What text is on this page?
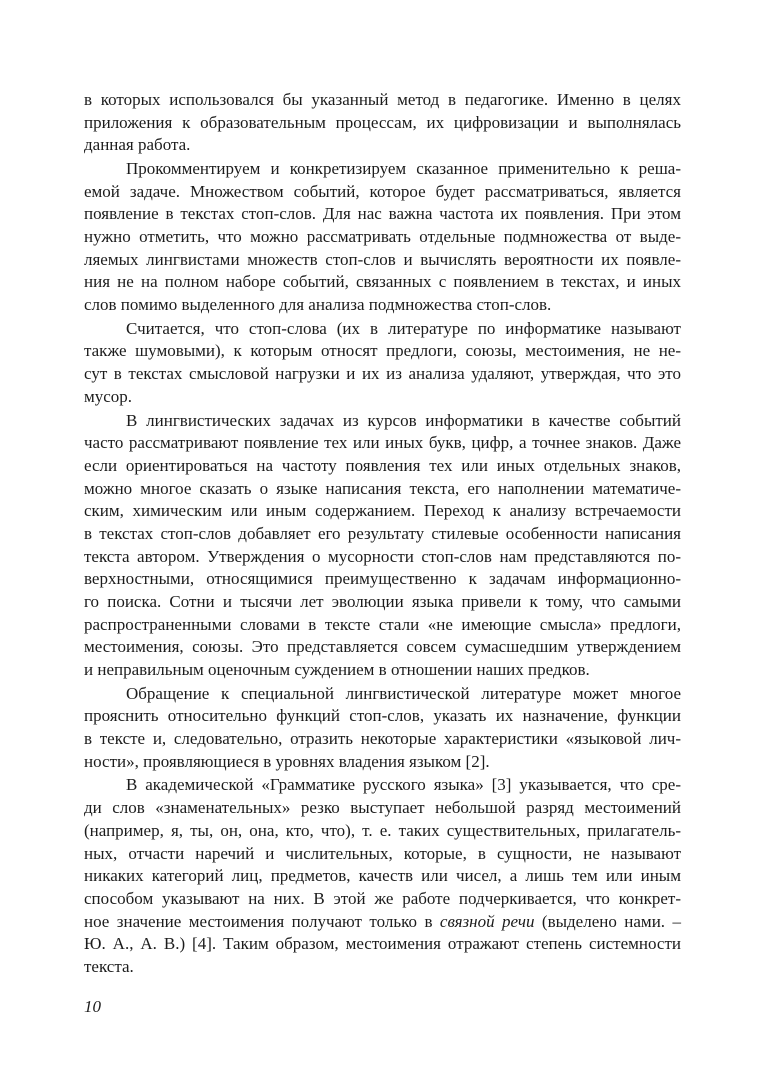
в которых использовался бы указанный метод в педагогике. Именно в целях
приложения к образовательным процессам, их цифровизации и выполнялась
данная работа.
Прокомментируем и конкретизируем сказанное применительно к реша-
емой задаче. Множеством событий, которое будет рассматриваться, является
появление в текстах стоп-слов. Для нас важна частота их появления. При этом
нужно отметить, что можно рассматривать отдельные подмножества от выде-
ляемых лингвистами множеств стоп-слов и вычислять вероятности их появле-
ния не на полном наборе событий, связанных с появлением в текстах, и иных
слов помимо выделенного для анализа подмножества стоп-слов.
Считается, что стоп-слова (их в литературе по информатике называют
также шумовыми), к которым относят предлоги, союзы, местоимения, не не-
сут в текстах смысловой нагрузки и их из анализа удаляют, утверждая, что это
мусор.
В лингвистических задачах из курсов информатики в качестве событий
часто рассматривают появление тех или иных букв, цифр, а точнее знаков. Даже
если ориентироваться на частоту появления тех или иных отдельных знаков,
можно многое сказать о языке написания текста, его наполнении математиче-
ским, химическим или иным содержанием. Переход к анализу встречаемости
в текстах стоп-слов добавляет его результату стилевые особенности написания
текста автором. Утверждения о мусорности стоп-слов нам представляются по-
верхностными, относящимися преимущественно к задачам информационно-
го поиска. Сотни и тысячи лет эволюции языка привели к тому, что самыми
распространенными словами в тексте стали «не имеющие смысла» предлоги,
местоимения, союзы. Это представляется совсем сумасшедшим утверждением
и неправильным оценочным суждением в отношении наших предков.
Обращение к специальной лингвистической литературе может многое
прояснить относительно функций стоп-слов, указать их назначение, функции
в тексте и, следовательно, отразить некоторые характеристики «языковой лич-
ности», проявляющиеся в уровнях владения языком [2].
В академической «Грамматике русского языка» [3] указывается, что сре-
ди слов «знаменательных» резко выступает небольшой разряд местоимений
(например, я, ты, он, она, кто, что), т. е. таких существительных, прилагатель-
ных, отчасти наречий и числительных, которые, в сущности, не называют
никаких категорий лиц, предметов, качеств или чисел, а лишь тем или иным
способом указывают на них. В этой же работе подчеркивается, что конкрет-
ное значение местоимения получают только в связной речи (выделено нами. –
Ю. А., А. В.) [4]. Таким образом, местоимения отражают степень системности
текста.
10
